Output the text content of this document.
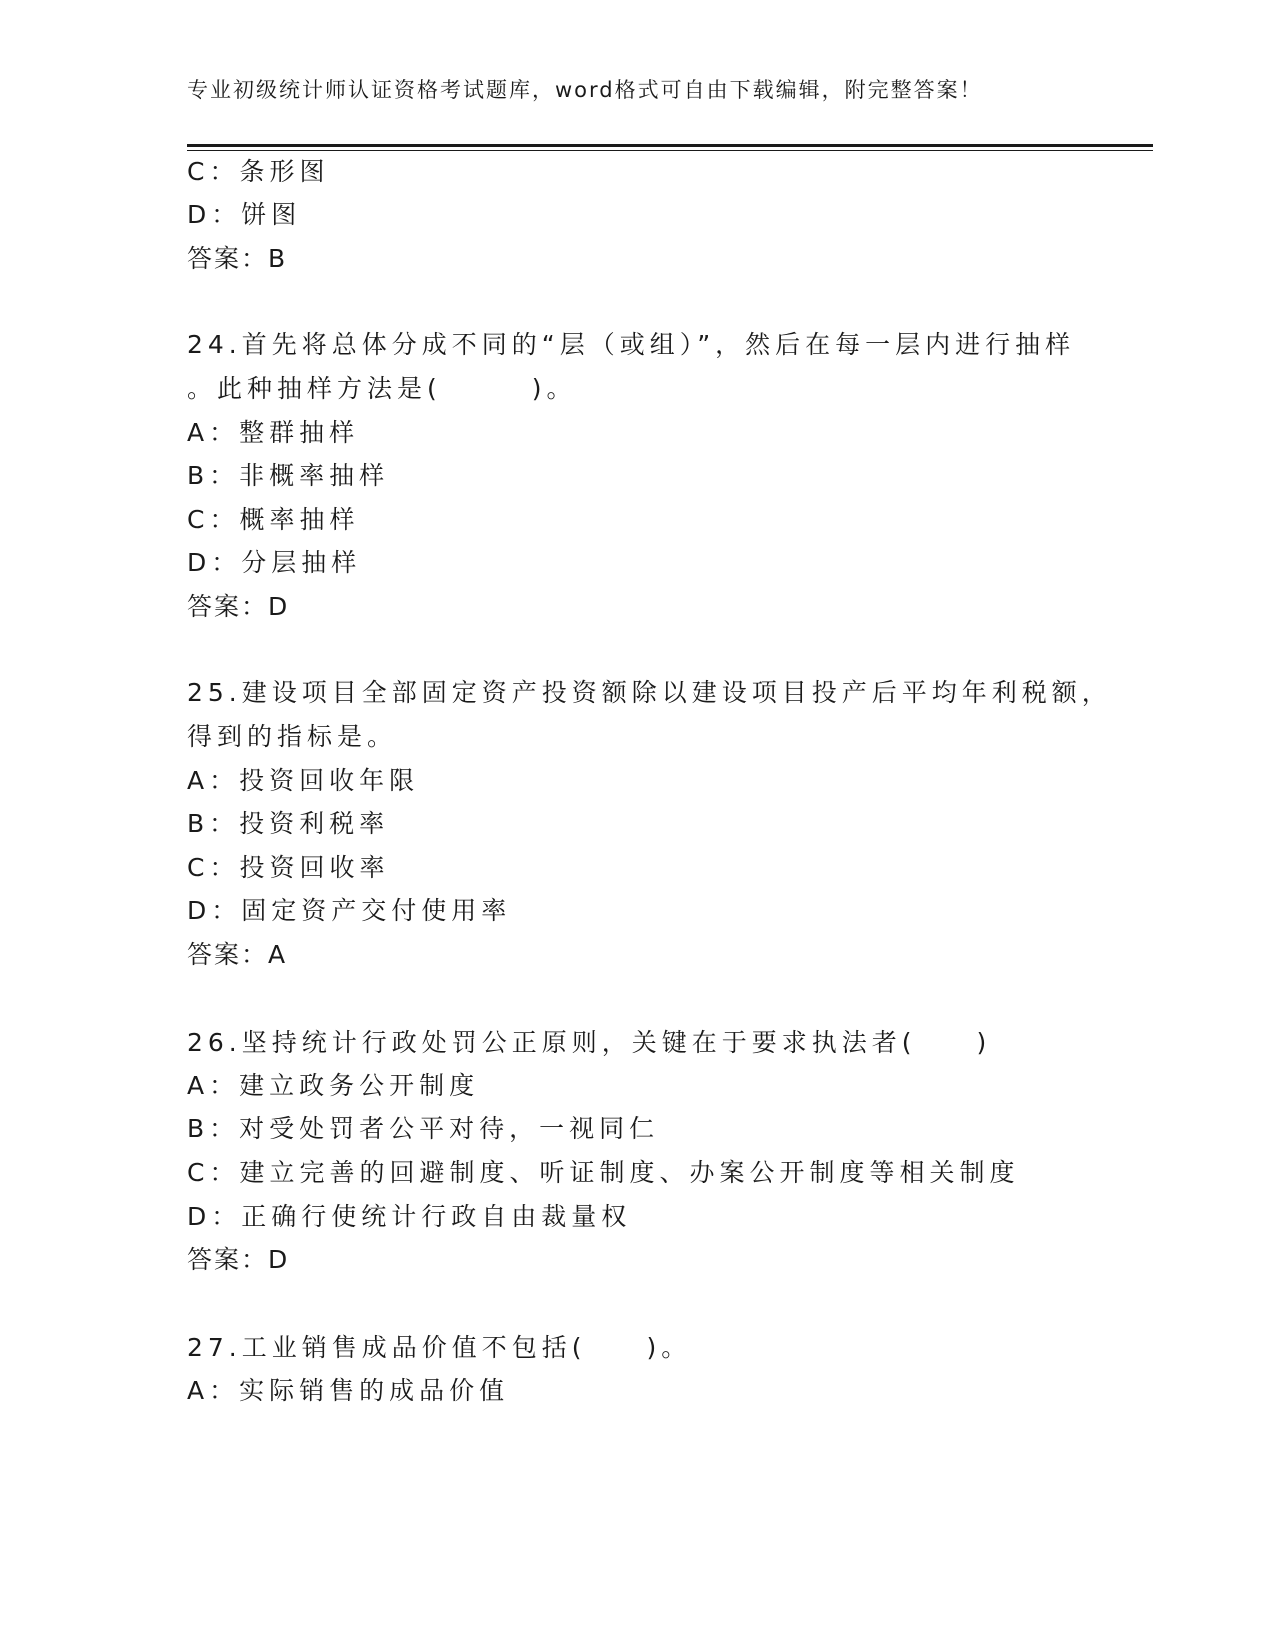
专业初级统计师认证资格考试题库，word格式可自由下载编辑，附完整答案！
C：条形图
D：饼图
答案：B
24.首先将总体分成不同的“层（或组）”，然后在每一层内进行抽样
。此种抽样方法是(　　　)。
A：整群抽样
B：非概率抽样
C：概率抽样
D：分层抽样
答案：D
25.建设项目全部固定资产投资额除以建设项目投产后平均年利税额，
得到的指标是。
A：投资回收年限
B：投资利税率
C：投资回收率
D：固定资产交付使用率
答案：A
26.坚持统计行政处罚公正原则，关键在于要求执法者(　　)
A：建立政务公开制度
B：对受处罚者公平对待，一视同仁
C：建立完善的回避制度、听证制度、办案公开制度等相关制度
D：正确行使统计行政自由裁量权
答案：D
27.工业销售成品价值不包括(　　)。
A：实际销售的成品价值
